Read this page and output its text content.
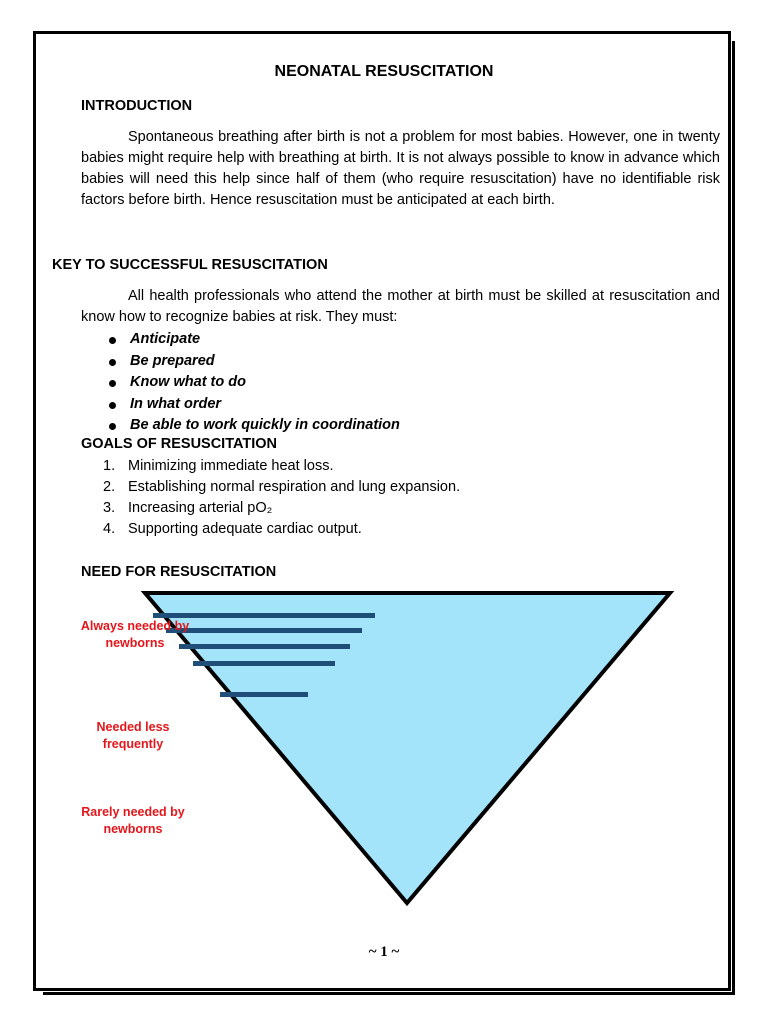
NEONATAL RESUSCITATION
INTRODUCTION
Spontaneous breathing after birth is not a problem for most babies. However, one in twenty babies might require help with breathing at birth. It is not always possible to know in advance which babies will need this help since half of them (who require resuscitation) have no identifiable risk factors before birth. Hence resuscitation must be anticipated at each birth.
KEY TO SUCCESSFUL RESUSCITATION
All health professionals who attend the mother at birth must be skilled at resuscitation and know how to recognize babies at risk. They must:
Anticipate
Be prepared
Know what to do
In what order
Be able to work quickly in coordination
GOALS OF RESUSCITATION
1. Minimizing immediate heat loss.
2. Establishing normal respiration and lung expansion.
3. Increasing arterial pO₂
4. Supporting adequate cardiac output.
NEED FOR RESUSCITATION
Always needed by newborns
Needed less frequently
Rarely needed by newborns
~ 1 ~
